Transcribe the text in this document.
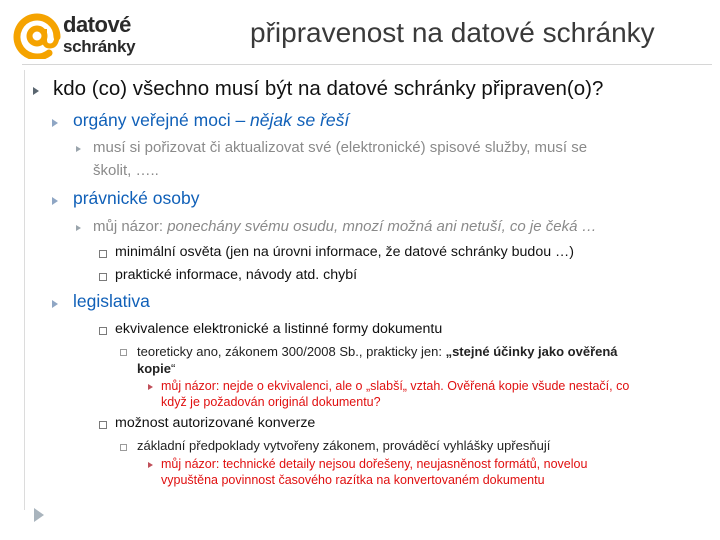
datové
schránky	připravenost na datové schránky
kdo (co) všechno musí být na datové schránky připraven(o)?
orgány veřejné moci – nějak se řeší
musí si pořizovat či aktualizovat své (elektronické) spisové služby, musí se
školit, …..
právnické osoby
můj názor: ponechány svému osudu, mnozí možná ani netuší, co je čeká …
minimální osvěta (jen na úrovni informace, že datové schránky budou …)
praktické informace, návody atd. chybí
legislativa
ekvivalence elektronické a listinné formy dokumentu
teoreticky ano, zákonem 300/2008 Sb., prakticky jen: „stejné účinky jako ověřená
kopie“
můj názor: nejde o ekvivalenci, ale o „slabší„ vztah. Ověřená kopie všude nestačí, co
když je požadován originál dokumentu?
možnost autorizované konverze
základní předpoklady vytvořeny zákonem, prováděcí vyhlášky upřesňují
můj názor: technické detaily nejsou dořešeny, neujasněnost formátů, novelou
vypuštěna povinnost časového razítka na konvertovaném dokumentu
